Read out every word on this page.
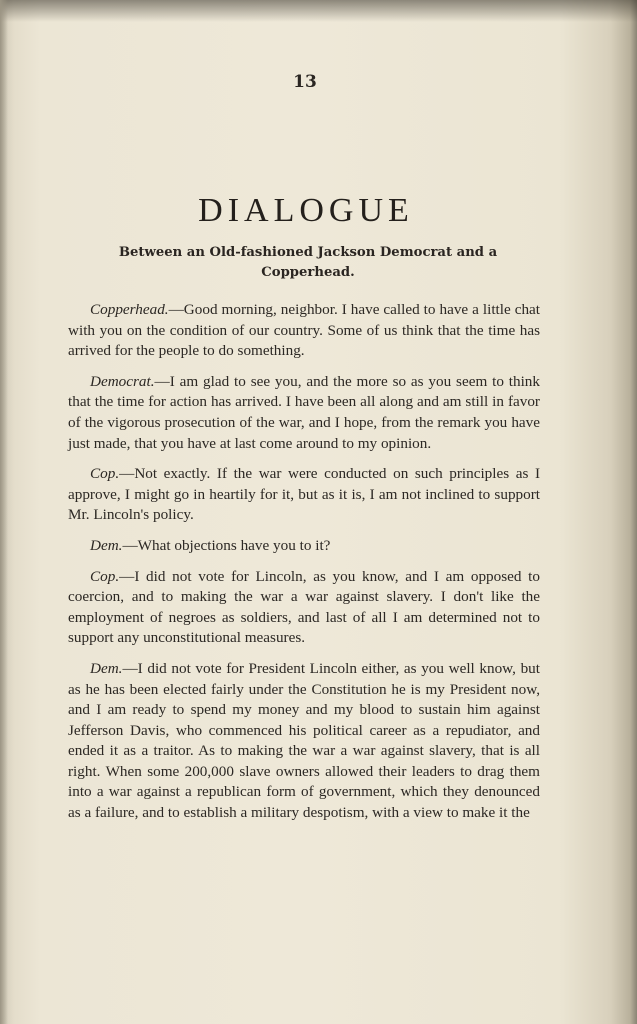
13
DIALOGUE
Between an Old-fashioned Jackson Democrat and a Copperhead.

Copperhead.—Good morning, neighbor. I have called to have a little chat with you on the condition of our country. Some of us think that the time has arrived for the people to do something.

Democrat.—I am glad to see you, and the more so as you seem to think that the time for action has arrived. I have been all along and am still in favor of the vigorous prosecution of the war, and I hope, from the remark you have just made, that you have at last come around to my opinion.

Cop.—Not exactly. If the war were conducted on such principles as I approve, I might go in heartily for it, but as it is, I am not inclined to support Mr. Lincoln's policy.

Dem.—What objections have you to it?

Cop.—I did not vote for Lincoln, as you know, and I am opposed to coercion, and to making the war a war against slavery. I don't like the employment of negroes as soldiers, and last of all I am determined not to support any unconstitutional measures.

Dem.—I did not vote for President Lincoln either, as you well know, but as he has been elected fairly under the Constitution he is my President now, and I am ready to spend my money and my blood to sustain him against Jefferson Davis, who commenced his political career as a repudiator, and ended it as a traitor. As to making the war a war against slavery, that is all right. When some 200,000 slave owners allowed their leaders to drag them into a war against a republican form of government, which they denounced as a failure, and to establish a military despotism, with a view to make it the
